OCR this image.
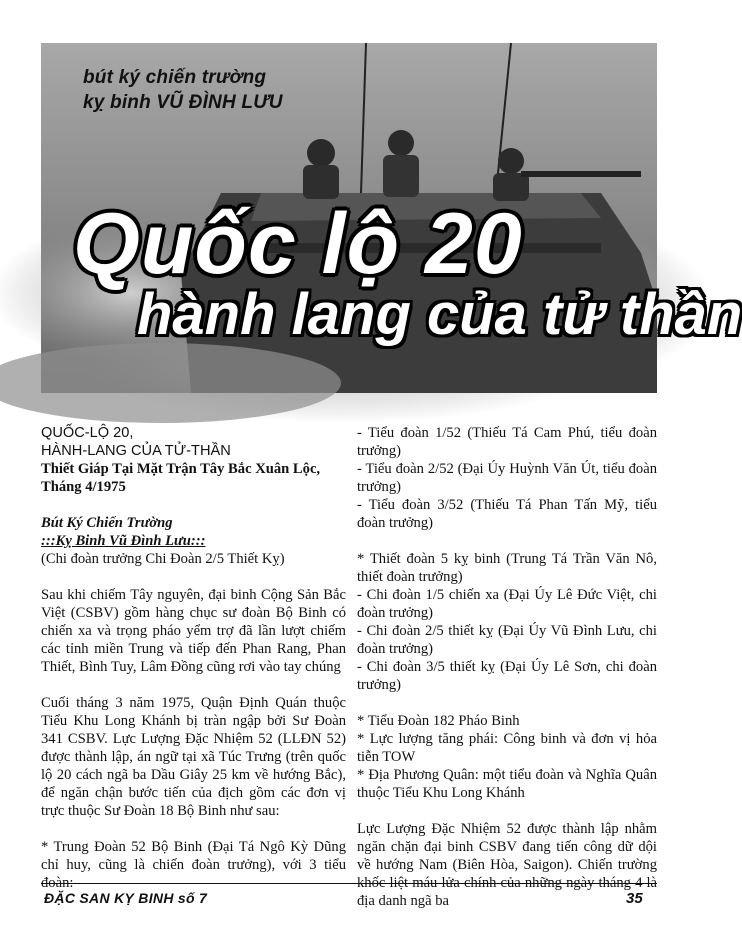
bút ký chiến trường
kỵ binh VŨ ĐÌNH LƯU
Quốc lộ 20
hành lang của tử thần

QUỐC-LỘ 20,

HÀNH-LANG CỦA TỬ-THẦN

Thiết Giáp Tại Mặt Trận Tây Bắc Xuân Lộc, Tháng 4/1975

Bút Ký Chiến Trường

:::Kỵ Binh Vũ Đình Lưu:::

(Chi đoàn trưởng Chi Đoàn 2/5 Thiết Kỵ)

Sau khi chiếm Tây nguyên, đại binh Cộng Sản Bắc Việt (CSBV) gồm hàng chục sư đoàn Bộ Binh có chiến xa và trọng pháo yểm trợ đã lần lượt chiếm các tỉnh miền Trung và tiếp đến Phan Rang, Phan Thiết, Bình Tuy, Lâm Đồng cũng rơi vào tay chúng

Cuối tháng 3 năm 1975, Quận Định Quán thuộc Tiểu Khu Long Khánh bị tràn ngập bởi Sư Đoàn 341 CSBV. Lực Lượng Đặc Nhiệm 52 (LLĐN 52) được thành lập, án ngữ tại xã Túc Trưng (trên quốc lộ 20 cách ngã ba Dầu Giây 25 km về hướng Bắc), để ngăn chận bước tiến của địch gồm các đơn vị trực thuộc Sư Đoàn 18 Bộ Binh như sau:

* Trung Đoàn 52 Bộ Binh (Đại Tá Ngô Kỳ Dũng chỉ huy, cũng là chiến đoàn trưởng), với 3 tiểu đoàn:

- Tiểu đoàn 1/52 (Thiếu Tá Cam Phú, tiểu đoàn trưởng)

- Tiểu đoàn 2/52 (Đại Úy Huỳnh Văn Út, tiểu đoàn trưởng)

- Tiểu đoàn 3/52 (Thiếu Tá Phan Tấn Mỹ, tiểu đoàn trưởng)

* Thiết đoàn 5 kỵ binh (Trung Tá Trần Văn Nô, thiết đoàn trưởng)

- Chi đoàn 1/5 chiến xa (Đại Úy Lê Đức Việt, chi đoàn trưởng)

- Chi đoàn 2/5 thiết kỵ (Đại Úy Vũ Đình Lưu, chi đoàn trưởng)

- Chi đoàn 3/5 thiết kỵ (Đại Úy Lê Sơn, chi đoàn trưởng)

* Tiểu Đoàn 182 Pháo Binh

* Lực lượng tăng phái: Công binh và đơn vị hỏa tiễn TOW

* Địa Phương Quân: một tiểu đoàn và Nghĩa Quân thuộc Tiểu Khu Long Khánh

Lực Lượng Đặc Nhiệm 52 được thành lập nhằm ngăn chặn đại binh CSBV đang tiến công dữ dội về hướng Nam (Biên Hòa, Saigon). Chiến trường khốc liệt máu lửa chính của những ngày tháng 4 là địa danh ngã ba

ĐẶC SAN KỴ BINH số 7	35
